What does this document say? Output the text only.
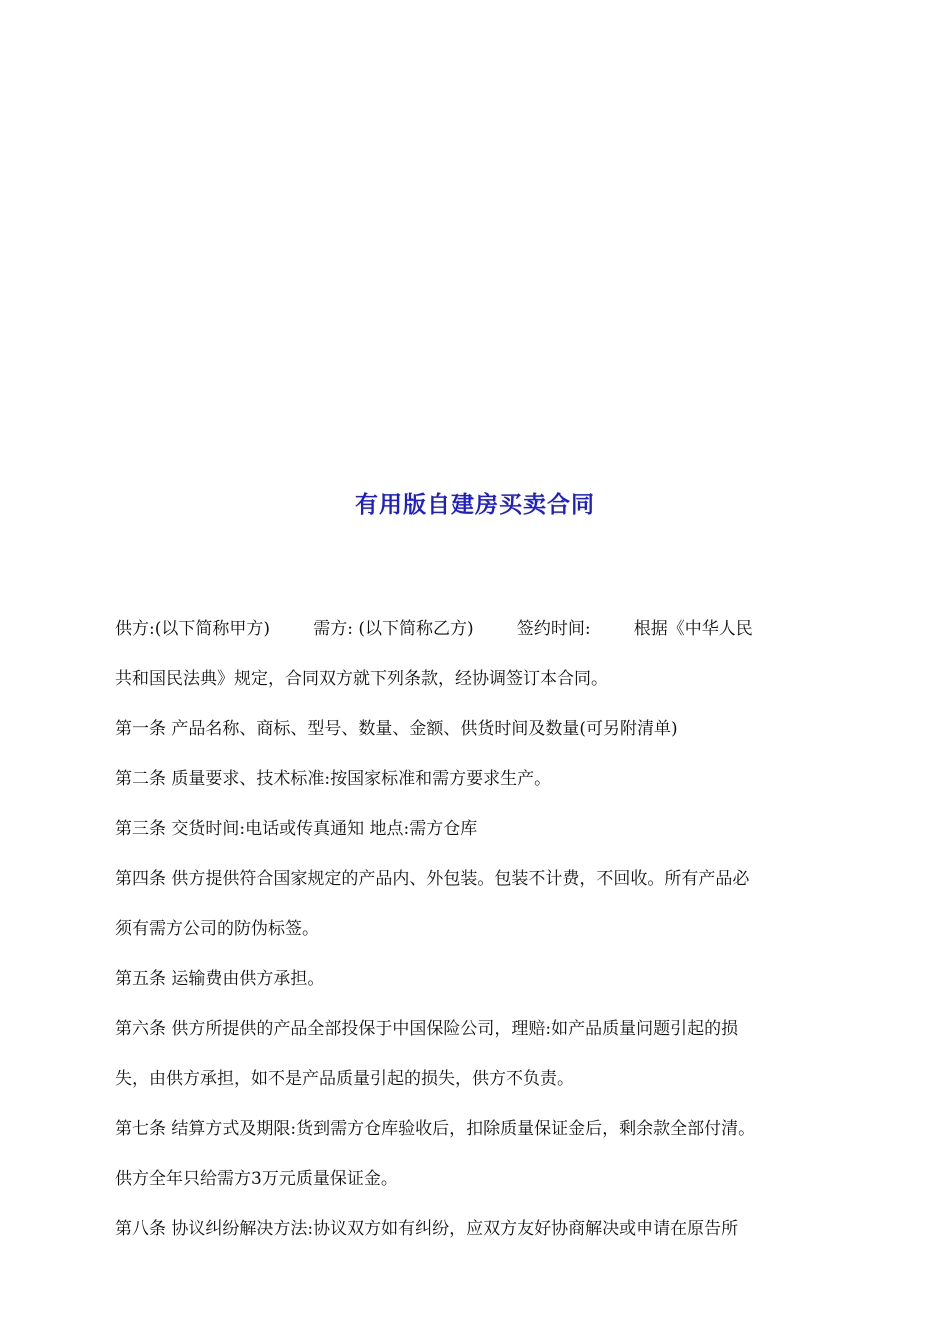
有用版自建房买卖合同
供方:(以下简称甲方)        需方: (以下简称乙方)        签约时间:        根据《中华人民
共和国民法典》规定，合同双方就下列条款，经协调签订本合同。
第一条 产品名称、商标、型号、数量、金额、供货时间及数量(可另附清单)
第二条 质量要求、技术标准:按国家标准和需方要求生产。
第三条 交货时间:电话或传真通知 地点:需方仓库
第四条 供方提供符合国家规定的产品内、外包装。包装不计费，不回收。所有产品必
须有需方公司的防伪标签。
第五条 运输费由供方承担。
第六条 供方所提供的产品全部投保于中国保险公司，理赔:如产品质量问题引起的损
失，由供方承担，如不是产品质量引起的损失，供方不负责。
第七条 结算方式及期限:货到需方仓库验收后，扣除质量保证金后，剩余款全部付清。
供方全年只给需方3万元质量保证金。
第八条 协议纠纷解决方法:协议双方如有纠纷，应双方友好协商解决或申请在原告所
